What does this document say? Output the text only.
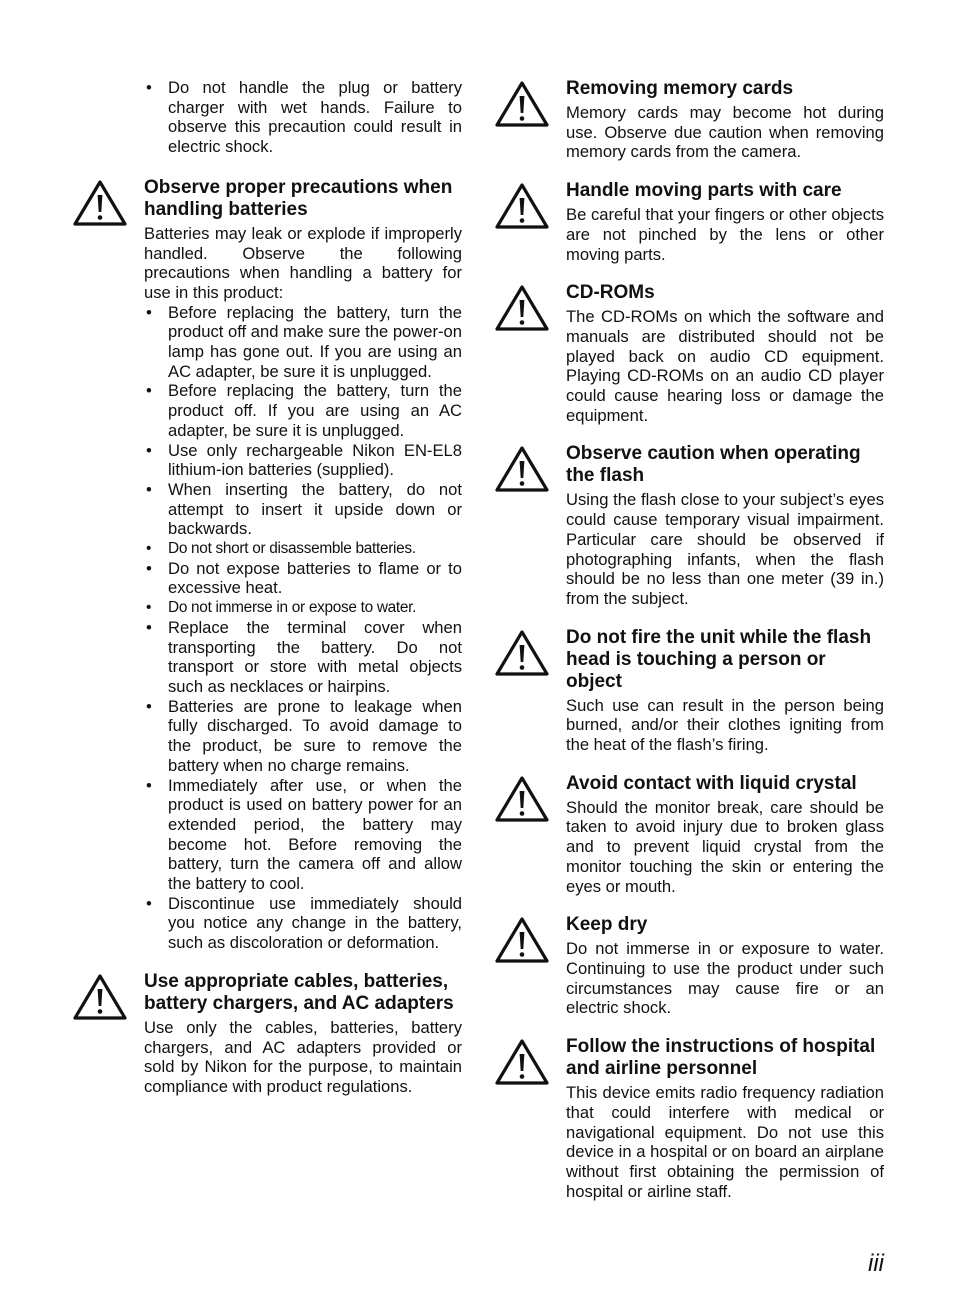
• Do not handle the plug or battery charger with wet hands. Failure to observe this precaution could result in electric shock.
Observe proper precautions when handling batteries

Batteries may leak or explode if improperly handled. Observe the following precautions when handling a battery for use in this product:

• Before replacing the battery, turn the product off and make sure the power-on lamp has gone out. If you are using an AC adapter, be sure it is unplugged.
• Before replacing the battery, turn the product off. If you are using an AC adapter, be sure it is unplugged.
• Use only rechargeable Nikon EN-EL8 lithium-ion batteries (supplied).
• When inserting the battery, do not attempt to insert it upside down or backwards.
• Do not short or disassemble batteries.
• Do not expose batteries to flame or to excessive heat.
• Do not immerse in or expose to water.
• Replace the terminal cover when transporting the battery. Do not transport or store with metal objects such as necklaces or hairpins.
• Batteries are prone to leakage when fully discharged. To avoid damage to the product, be sure to remove the battery when no charge remains.
• Immediately after use, or when the product is used on battery power for an extended period, the battery may become hot. Before removing the battery, turn the camera off and allow the battery to cool.
• Discontinue use immediately should you notice any change in the battery, such as discoloration or deformation.
Use appropriate cables, batteries, battery chargers, and AC adapters

Use only the cables, batteries, battery chargers, and AC adapters provided or sold by Nikon for the purpose, to maintain compliance with product regulations.

Removing memory cards

Memory cards may become hot during use. Observe due caution when removing memory cards from the camera.

Handle moving parts with care

Be careful that your fingers or other objects are not pinched by the lens or other moving parts.

CD-ROMs

The CD-ROMs on which the software and manuals are distributed should not be played back on audio CD equipment. Playing CD-ROMs on an audio CD player could cause hearing loss or damage the equipment.

Observe caution when operating the flash

Using the flash close to your subject’s eyes could cause temporary visual impairment. Particular care should be observed if photographing infants, when the flash should be no less than one meter (39 in.) from the subject.

Do not fire the unit while the flash head is touching a person or object

Such use can result in the person being burned, and/or their clothes igniting from the heat of the flash’s firing.

Avoid contact with liquid crystal

Should the monitor break, care should be taken to avoid injury due to broken glass and to prevent liquid crystal from the monitor touching the skin or entering the eyes or mouth.

Keep dry

Do not immerse in or exposure to water. Continuing to use the product under such circumstances may cause fire or an electric shock.

Follow the instructions of hospital and airline personnel

This device emits radio frequency radiation that could interfere with medical or navigational equipment. Do not use this device in a hospital or on board an airplane without first obtaining the permission of hospital or airline staff.

iii
